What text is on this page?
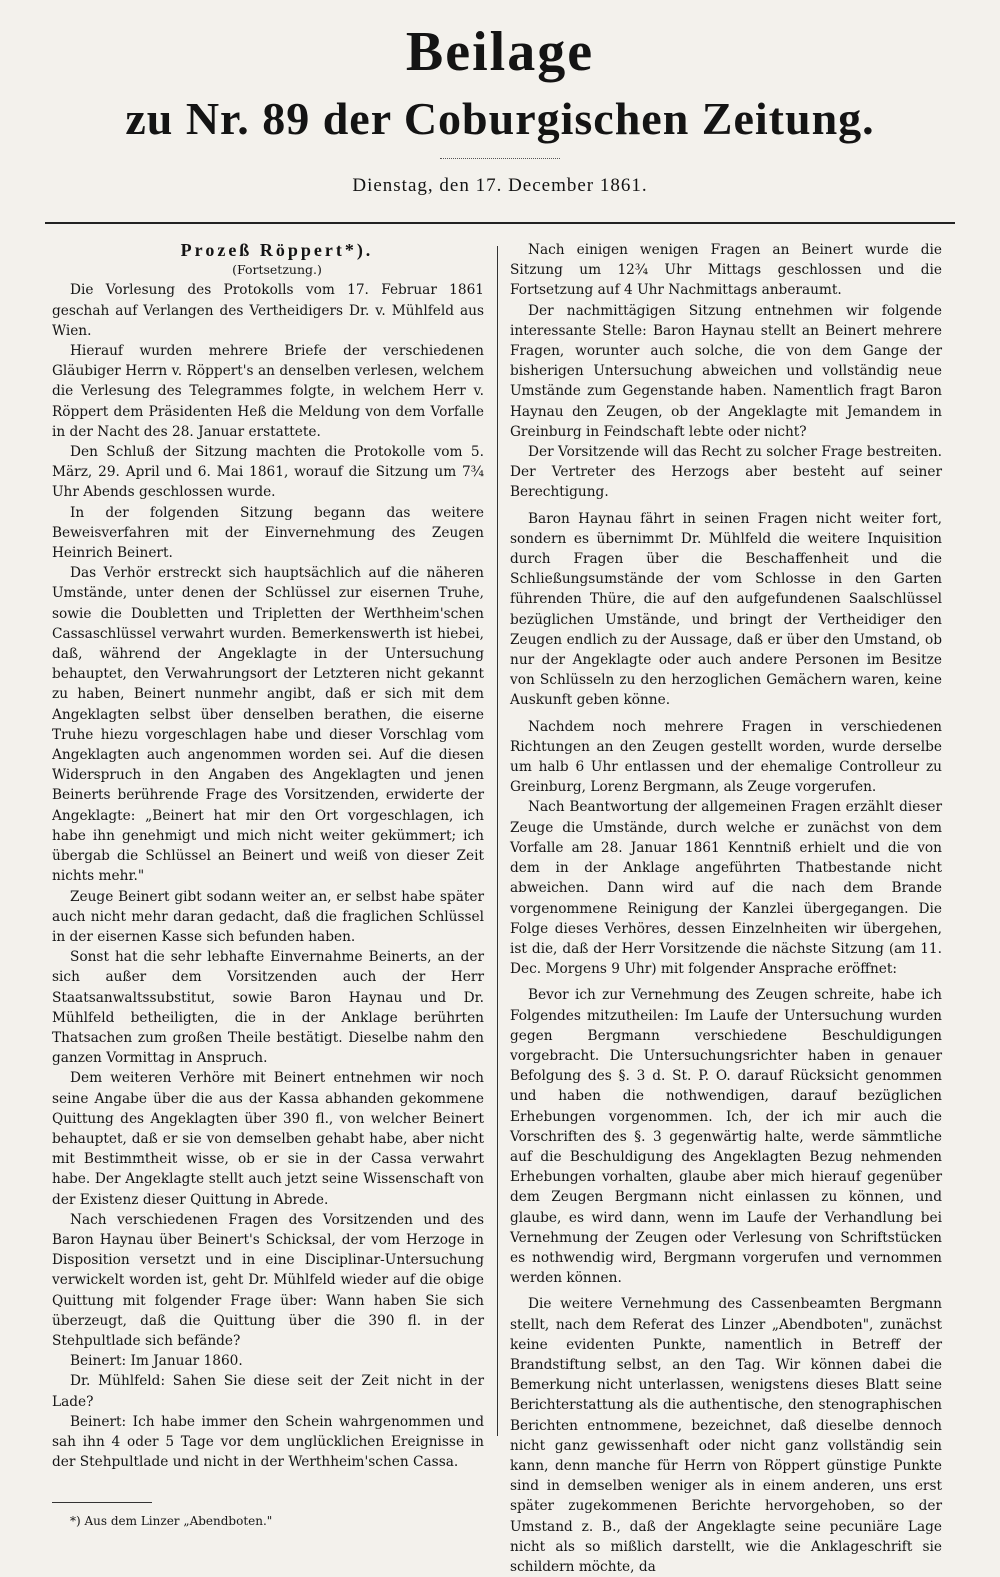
Beilage
zu Nr. 89 der Coburgischen Zeitung.
Dienstag, den 17. December 1861.

Prozeß Röppert*).

(Fortsetzung.)

Die Vorlesung des Protokolls vom 17. Februar 1861 geschah auf Verlangen des Vertheidigers Dr. v. Mühlfeld aus Wien.

Hierauf wurden mehrere Briefe der verschiedenen Gläubiger Herrn v. Röppert's an denselben verlesen, welchem die Verlesung des Telegrammes folgte, in welchem Herr v. Röppert dem Präsidenten Heß die Meldung von dem Vorfalle in der Nacht des 28. Januar erstattete.

Den Schluß der Sitzung machten die Protokolle vom 5. März, 29. April und 6. Mai 1861, worauf die Sitzung um 7¾ Uhr Abends geschlossen wurde.

In der folgenden Sitzung begann das weitere Beweisverfahren mit der Einvernehmung des Zeugen Heinrich Beinert.

Das Verhör erstreckt sich hauptsächlich auf die näheren Umstände, unter denen der Schlüssel zur eisernen Truhe, sowie die Doubletten und Tripletten der Werthheim'schen Cassaschlüssel verwahrt wurden. Bemerkenswerth ist hiebei, daß, während der Angeklagte in der Untersuchung behauptet, den Verwahrungsort der Letzteren nicht gekannt zu haben, Beinert nunmehr angibt, daß er sich mit dem Angeklagten selbst über denselben berathen, die eiserne Truhe hiezu vorgeschlagen habe und dieser Vorschlag vom Angeklagten auch angenommen worden sei. Auf die diesen Widerspruch in den Angaben des Angeklagten und jenen Beinerts berührende Frage des Vorsitzenden, erwiderte der Angeklagte: „Beinert hat mir den Ort vorgeschlagen, ich habe ihn genehmigt und mich nicht weiter gekümmert; ich übergab die Schlüssel an Beinert und weiß von dieser Zeit nichts mehr."

Zeuge Beinert gibt sodann weiter an, er selbst habe später auch nicht mehr daran gedacht, daß die fraglichen Schlüssel in der eisernen Kasse sich befunden haben.

Sonst hat die sehr lebhafte Einvernahme Beinerts, an der sich außer dem Vorsitzenden auch der Herr Staatsanwaltssubstitut, sowie Baron Haynau und Dr. Mühlfeld betheiligten, die in der Anklage berührten Thatsachen zum großen Theile bestätigt. Dieselbe nahm den ganzen Vormittag in Anspruch.

Dem weiteren Verhöre mit Beinert entnehmen wir noch seine Angabe über die aus der Kassa abhanden gekommene Quittung des Angeklagten über 390 fl., von welcher Beinert behauptet, daß er sie von demselben gehabt habe, aber nicht mit Bestimmtheit wisse, ob er sie in der Cassa verwahrt habe. Der Angeklagte stellt auch jetzt seine Wissenschaft von der Existenz dieser Quittung in Abrede.

Nach verschiedenen Fragen des Vorsitzenden und des Baron Haynau über Beinert's Schicksal, der vom Herzoge in Disposition versetzt und in eine Disciplinar-Untersuchung verwickelt worden ist, geht Dr. Mühlfeld wieder auf die obige Quittung mit folgender Frage über: Wann haben Sie sich überzeugt, daß die Quittung über die 390 fl. in der Stehpultlade sich befände?

Beinert: Im Januar 1860.

Dr. Mühlfeld: Sahen Sie diese seit der Zeit nicht in der Lade?

Beinert: Ich habe immer den Schein wahrgenommen und sah ihn 4 oder 5 Tage vor dem unglücklichen Ereignisse in der Stehpultlade und nicht in der Werthheim'schen Cassa.

*) Aus dem Linzer „Abendboten."

Nach einigen wenigen Fragen an Beinert wurde die Sitzung um 12¾ Uhr Mittags geschlossen und die Fortsetzung auf 4 Uhr Nachmittags anberaumt.

Der nachmittägigen Sitzung entnehmen wir folgende interessante Stelle: Baron Haynau stellt an Beinert mehrere Fragen, worunter auch solche, die von dem Gange der bisherigen Untersuchung abweichen und vollständig neue Umstände zum Gegenstande haben. Namentlich fragt Baron Haynau den Zeugen, ob der Angeklagte mit Jemandem in Greinburg in Feindschaft lebte oder nicht?

Der Vorsitzende will das Recht zu solcher Frage bestreiten. Der Vertreter des Herzogs aber besteht auf seiner Berechtigung.

Baron Haynau fährt in seinen Fragen nicht weiter fort, sondern es übernimmt Dr. Mühlfeld die weitere Inquisition durch Fragen über die Beschaffenheit und die Schließungsumstände der vom Schlosse in den Garten führenden Thüre, die auf den aufgefundenen Saalschlüssel bezüglichen Umstände, und bringt der Vertheidiger den Zeugen endlich zu der Aussage, daß er über den Umstand, ob nur der Angeklagte oder auch andere Personen im Besitze von Schlüsseln zu den herzoglichen Gemächern waren, keine Auskunft geben könne.

Nachdem noch mehrere Fragen in verschiedenen Richtungen an den Zeugen gestellt worden, wurde derselbe um halb 6 Uhr entlassen und der ehemalige Controlleur zu Greinburg, Lorenz Bergmann, als Zeuge vorgerufen.

Nach Beantwortung der allgemeinen Fragen erzählt dieser Zeuge die Umstände, durch welche er zunächst von dem Vorfalle am 28. Januar 1861 Kenntniß erhielt und die von dem in der Anklage angeführten Thatbestande nicht abweichen. Dann wird auf die nach dem Brande vorgenommene Reinigung der Kanzlei übergegangen. Die Folge dieses Verhöres, dessen Einzelnheiten wir übergehen, ist die, daß der Herr Vorsitzende die nächste Sitzung (am 11. Dec. Morgens 9 Uhr) mit folgender Ansprache eröffnet:

Bevor ich zur Vernehmung des Zeugen schreite, habe ich Folgendes mitzutheilen: Im Laufe der Untersuchung wurden gegen Bergmann verschiedene Beschuldigungen vorgebracht. Die Untersuchungsrichter haben in genauer Befolgung des §. 3 d. St. P. O. darauf Rücksicht genommen und haben die nothwendigen, darauf bezüglichen Erhebungen vorgenommen. Ich, der ich mir auch die Vorschriften des §. 3 gegenwärtig halte, werde sämmtliche auf die Beschuldigung des Angeklagten Bezug nehmenden Erhebungen vorhalten, glaube aber mich hierauf gegenüber dem Zeugen Bergmann nicht einlassen zu können, und glaube, es wird dann, wenn im Laufe der Verhandlung bei Vernehmung der Zeugen oder Verlesung von Schriftstücken es nothwendig wird, Bergmann vorgerufen und vernommen werden können.

Die weitere Vernehmung des Cassenbeamten Bergmann stellt, nach dem Referat des Linzer „Abendboten", zunächst keine evidenten Punkte, namentlich in Betreff der Brandstiftung selbst, an den Tag. Wir können dabei die Bemerkung nicht unterlassen, wenigstens dieses Blatt seine Berichterstattung als die authentische, den stenographischen Berichten entnommene, bezeichnet, daß dieselbe dennoch nicht ganz gewissenhaft oder nicht ganz vollständig sein kann, denn manche für Herrn von Röppert günstige Punkte sind in demselben weniger als in einem anderen, uns erst später zugekommenen Berichte hervorgehoben, so der Umstand z. B., daß der Angeklagte seine pecuniäre Lage nicht als so mißlich darstellt, wie die Anklageschrift sie schildern möchte, da
